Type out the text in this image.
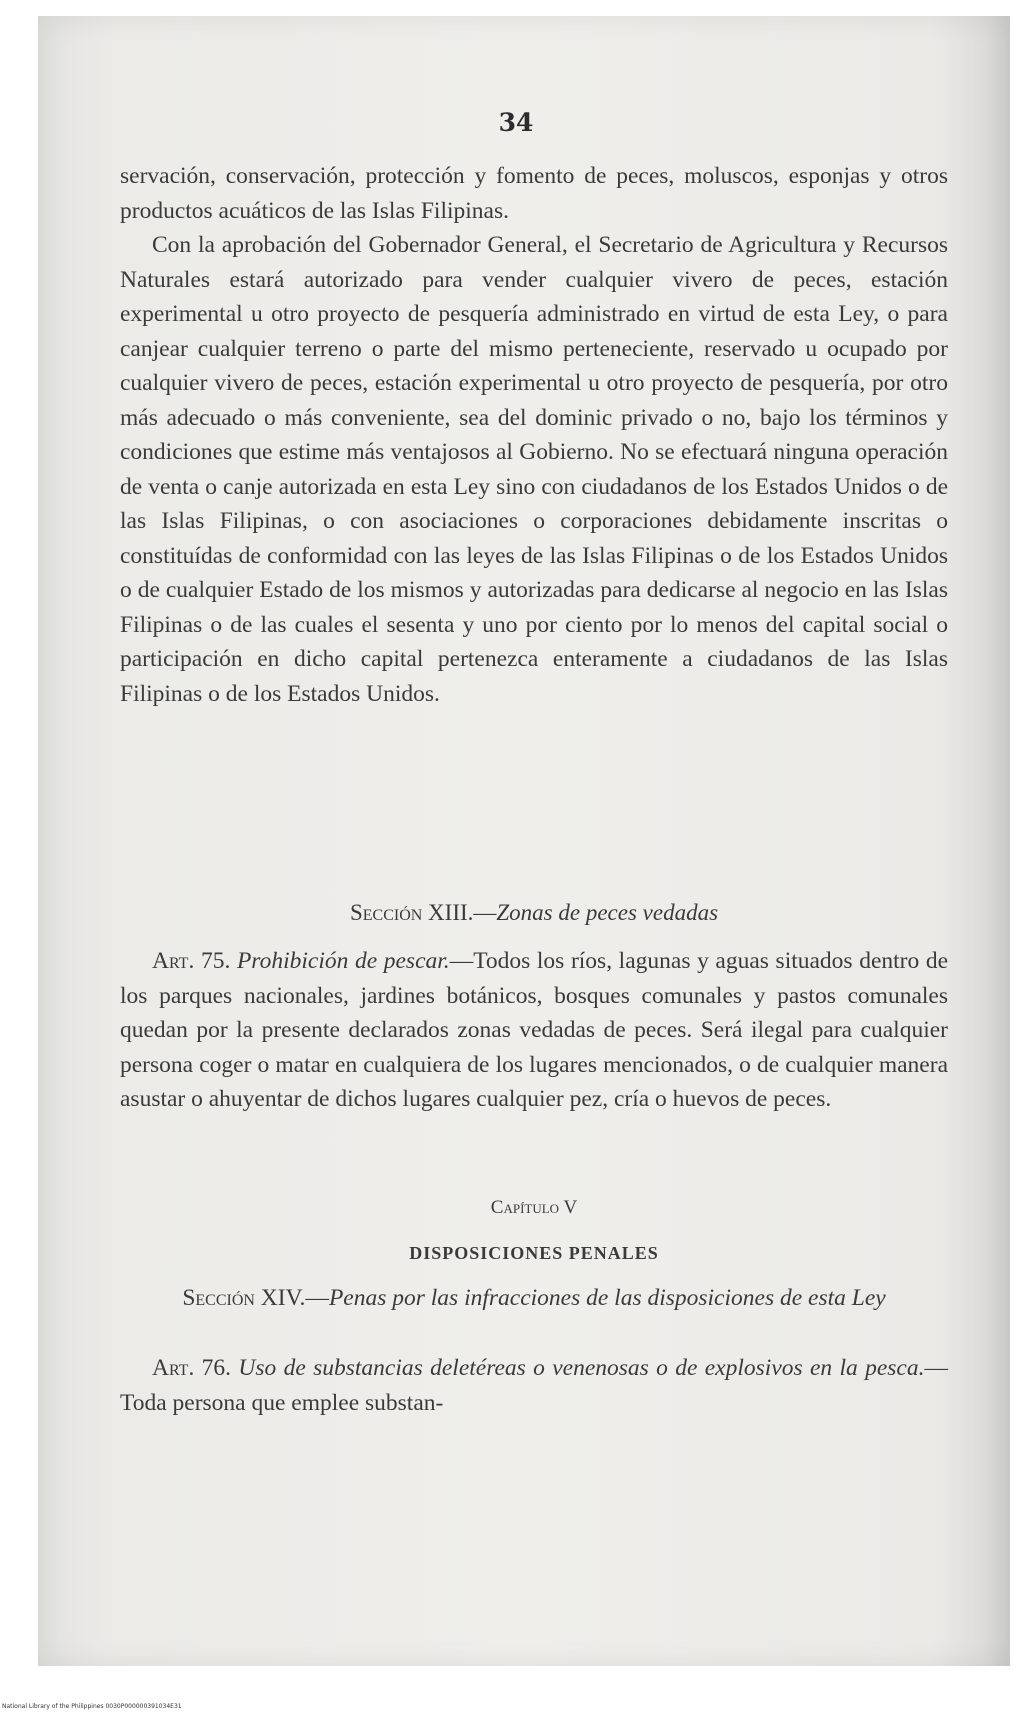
34

servación, conservación, protección y fomento de peces, moluscos, esponjas y otros productos acuáticos de las Islas Filipinas.

Con la aprobación del Gobernador General, el Secretario de Agricultura y Recursos Naturales estará autorizado para vender cualquier vivero de peces, estación experimental u otro proyecto de pesquería administrado en virtud de esta Ley, o para canjear cualquier terreno o parte del mismo perteneciente, reservado u ocupado por cualquier vivero de peces, estación experimental u otro proyecto de pesquería, por otro más adecuado o más conveniente, sea del dominic privado o no, bajo los términos y condiciones que estime más ventajosos al Gobierno. No se efectuará ninguna operación de venta o canje autorizada en esta Ley sino con ciudadanos de los Estados Unidos o de las Islas Filipinas, o con asociaciones o corporaciones debidamente inscritas o constituídas de conformidad con las leyes de las Islas Filipinas o de los Estados Unidos o de cualquier Estado de los mismos y autorizadas para dedicarse al negocio en las Islas Filipinas o de las cuales el sesenta y uno por ciento por lo menos del capital social o participación en dicho capital pertenezca enteramente a ciudadanos de las Islas Filipinas o de los Estados Unidos.

Sección XIII.—Zonas de peces vedadas

Art. 75. Prohibición de pescar.—Todos los ríos, lagunas y aguas situados dentro de los parques nacionales, jardines botánicos, bosques comunales y pastos comunales quedan por la presente declarados zonas vedadas de peces. Será ilegal para cualquier persona coger o matar en cualquiera de los lugares mencionados, o de cualquier manera asustar o ahuyentar de dichos lugares cualquier pez, cría o huevos de peces.

Capítulo V
DISPOSICIONES PENALES

Sección XIV.—Penas por las infracciones de las disposiciones de esta Ley

Art. 76. Uso de substancias deletéreas o venenosas o de explosivos en la pesca.—Toda persona que emplee substan-

National Library of the Philippines 0030P000000391034E31
